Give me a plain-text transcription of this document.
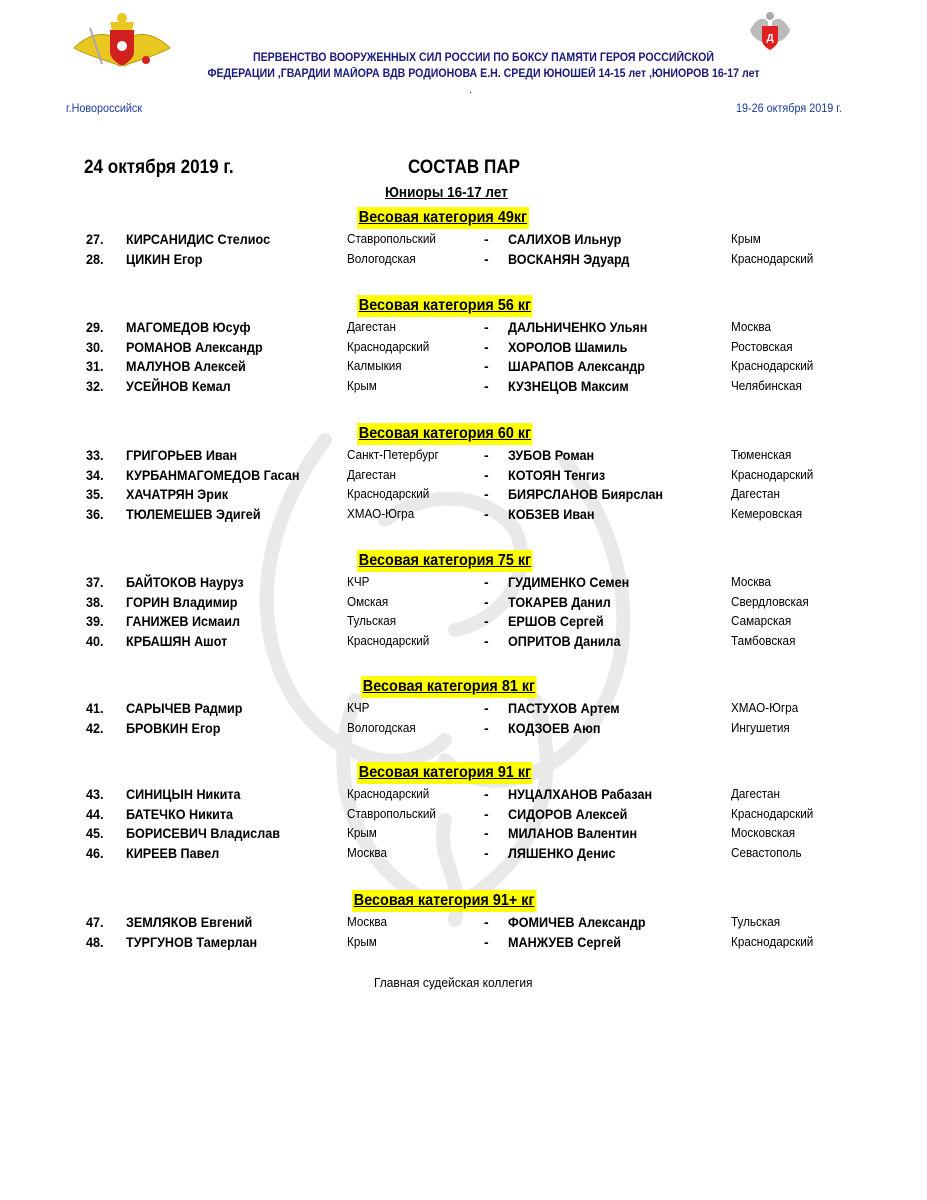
Д
ПЕРВЕНСТВО ВООРУЖЕННЫХ СИЛ РОССИИ ПО БОКСУ ПАМЯТИ ГЕРОЯ РОССИЙСКОЙ
ФЕДЕРАЦИИ ,ГВАРДИИ МАЙОРА ВДВ РОДИОНОВА Е.Н. СРЕДИ ЮНОШЕЙ 14-15 лет ,ЮНИОРОВ 16-17 лет
.
г.Новороссийск	19-26 октября 2019 г.
24 октября 2019 г.	СОСТАВ ПАР
Юниоры 16-17 лет
Весовая категория 49кг
27. КИРСАНИДИС Стелиос	Ставропольский	- САЛИХОВ Ильнур	Крым
28. ЦИКИН Егор	Вологодская	- ВОСКАНЯН Эдуард	Краснодарский
Весовая категория 56 кг
29. МАГОМЕДОВ Юсуф	Дагестан	- ДАЛЬНИЧЕНКО Ульян	Москва
30. РОМАНОВ Александр	Краснодарский	- ХОРОЛОВ Шамиль	Ростовская
31. МАЛУНОВ Алексей	Калмыкия	- ШАРАПОВ Александр	Краснодарский
32. УСЕЙНОВ Кемал	Крым	- КУЗНЕЦОВ Максим	Челябинская
Весовая категория 60 кг
33. ГРИГОРЬЕВ Иван	Санкт-Петербург	- ЗУБОВ Роман	Тюменская
34. КУРБАНМАГОМЕДОВ Гасан	Дагестан	- КОТОЯН Тенгиз	Краснодарский
35. ХАЧАТРЯН Эрик	Краснодарский	- БИЯРСЛАНОВ Биярслан	Дагестан
36. ТЮЛЕМЕШЕВ Эдигей	ХМАО-Югра	- КОБЗЕВ Иван	Кемеровская
Весовая категория 75 кг
37. БАЙТОКОВ Науруз	КЧР	- ГУДИМЕНКО Семен	Москва
38. ГОРИН Владимир	Омская	- ТОКАРЕВ Данил	Свердловская
39. ГАНИЖЕВ Исмаил	Тульская	- ЕРШОВ Сергей	Самарская
40. КРБАШЯН Ашот	Краснодарский	- ОПРИТОВ Данила	Тамбовская
Весовая категория 81 кг
41. САРЫЧЕВ Радмир	КЧР	- ПАСТУХОВ Артем	ХМАО-Югра
42. БРОВКИН Егор	Вологодская	- КОДЗОЕВ Аюп	Ингушетия
Весовая категория 91 кг
43. СИНИЦЫН Никита	Краснодарский	- НУЦАЛХАНОВ Рабазан	Дагестан
44. БАТЕЧКО Никита	Ставропольский	- СИДОРОВ Алексей	Краснодарский
45. БОРИСЕВИЧ Владислав	Крым	- МИЛАНОВ Валентин	Московская
46. КИРЕЕВ Павел	Москва	- ЛЯШЕНКО Денис	Севастополь
Весовая категория 91+ кг
47. ЗЕМЛЯКОВ Евгений	Москва	- ФОМИЧЕВ Александр	Тульская
48. ТУРГУНОВ Тамерлан	Крым	- МАНЖУЕВ Сергей	Краснодарский
Главная судейская коллегия
